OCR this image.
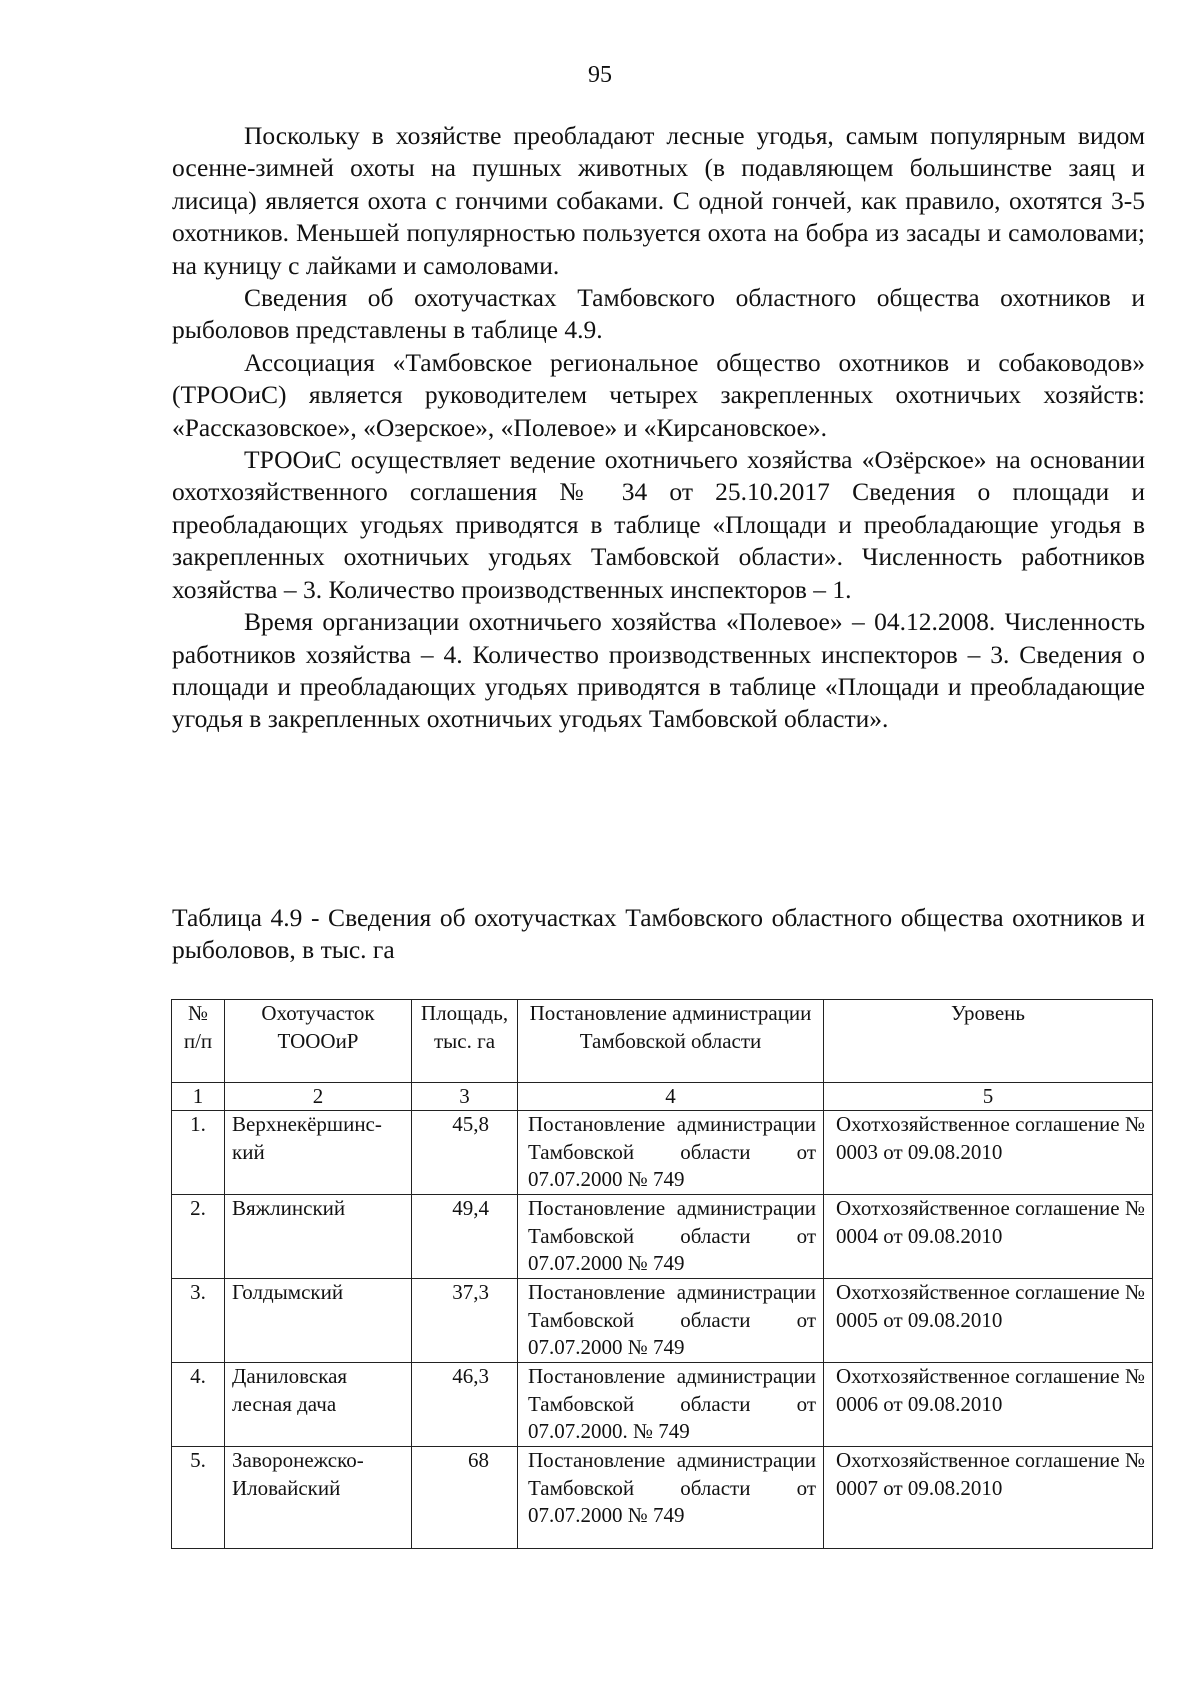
95

Поскольку в хозяйстве преобладают лесные угодья, самым популярным видом осенне-зимней охоты на пушных животных (в подавляющем большинстве заяц и лисица) является охота с гончими собаками. С одной гончей, как правило, охотятся 3-5 охотников. Меньшей популярностью пользуется охота на бобра из засады и самоловами; на куницу с лайками и самоловами.

Сведения об охотучастках Тамбовского областного общества охотников и рыболовов представлены в таблице 4.9.

Ассоциация «Тамбовское региональное общество охотников и собаководов» (ТРООиС) является руководителем четырех закрепленных охотничьих хозяйств: «Рассказовское», «Озерское», «Полевое» и «Кирсановское».

ТРООиС осуществляет ведение охотничьего хозяйства «Озёрское» на основании охотхозяйственного соглашения № 34 от 25.10.2017 Сведения о площади и преобладающих угодьях приводятся в таблице «Площади и преобладающие угодья в закрепленных охотничьих угодьях Тамбовской области». Численность работников хозяйства – 3. Количество производственных инспекторов – 1.

Время организации охотничьего хозяйства «Полевое» – 04.12.2008. Численность работников хозяйства – 4. Количество производственных инспекторов – 3. Сведения о площади и преобладающих угодьях приводятся в таблице «Площади и преобладающие угодья в закрепленных охотничьих угодьях Тамбовской области».

Таблица 4.9 - Сведения об охотучастках Тамбовского областного общества охотников и рыболовов, в тыс. га
№ п/п	Охотучасток ТОООиР	Площадь, тыс. га	Постановление администрации Тамбовской области	Уровень
1	2	3	4	5
1.	Верхнекёршинс-кий	45,8	Постановление администрации Тамбовской области от 07.07.2000 № 749	Охотхозяйственное соглашение № 0003 от 09.08.2010
2.	Вяжлинский	49,4	Постановление администрации Тамбовской области от 07.07.2000 № 749	Охотхозяйственное соглашение № 0004 от 09.08.2010
3.	Голдымский	37,3	Постановление администрации Тамбовской области от 07.07.2000 № 749	Охотхозяйственное соглашение № 0005 от 09.08.2010
4.	Даниловская лесная дача	46,3	Постановление администрации Тамбовской области от 07.07.2000. № 749	Охотхозяйственное соглашение № 0006 от 09.08.2010
5.	Заворонежско-Иловайский	68	Постановление администрации Тамбовской области от 07.07.2000 № 749	Охотхозяйственное соглашение № 0007 от 09.08.2010
